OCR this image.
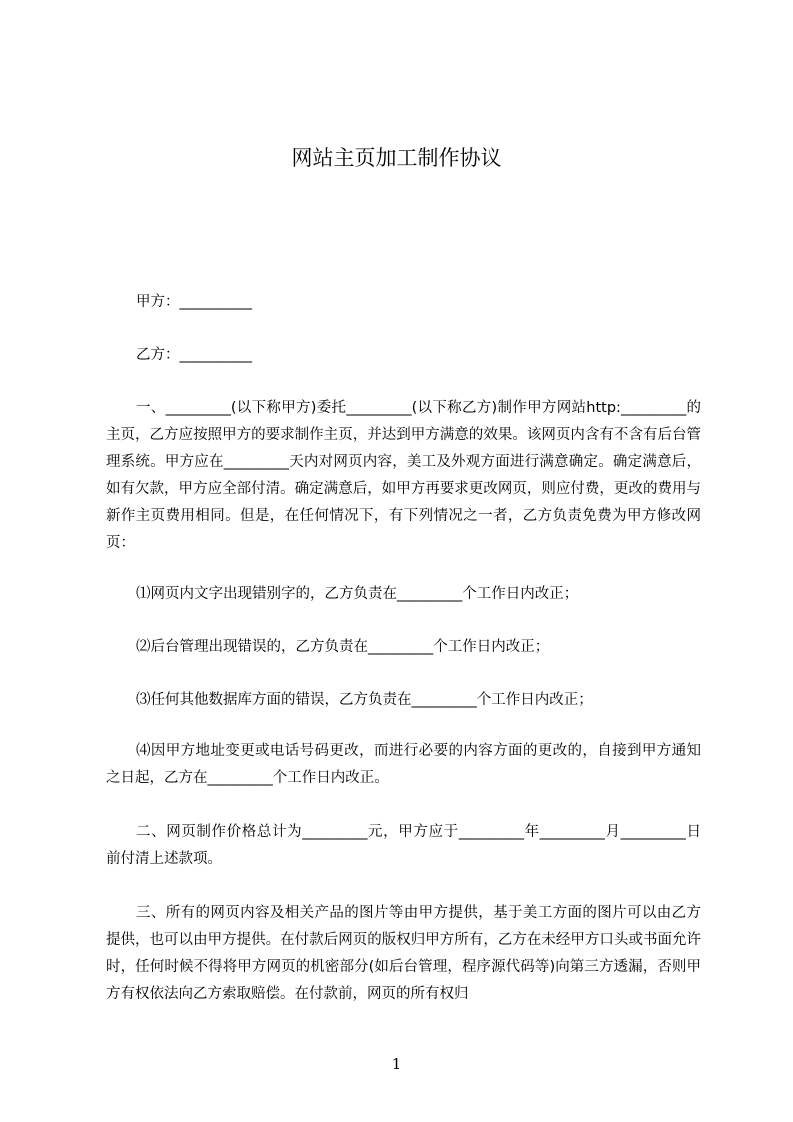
网站主页加工制作协议
甲方：__________
乙方：__________
一、_________(以下称甲方)委托_________(以下称乙方)制作甲方网站http:_________的主页，乙方应按照甲方的要求制作主页，并达到甲方满意的效果。该网页内含有不含有后台管理系统。甲方应在_________天内对网页内容，美工及外观方面进行满意确定。确定满意后，如有欠款，甲方应全部付清。确定满意后，如甲方再要求更改网页，则应付费，更改的费用与新作主页费用相同。但是，在任何情况下，有下列情况之一者，乙方负责免费为甲方修改网页：
⑴网页内文字出现错别字的，乙方负责在_________个工作日内改正；
⑵后台管理出现错误的，乙方负责在_________个工作日内改正；
⑶任何其他数据库方面的错误，乙方负责在_________个工作日内改正；
⑷因甲方地址变更或电话号码更改，而进行必要的内容方面的更改的，自接到甲方通知之日起，乙方在_________个工作日内改正。
二、网页制作价格总计为_________元，甲方应于_________年_________月_________日前付清上述款项。
三、所有的网页内容及相关产品的图片等由甲方提供，基于美工方面的图片可以由乙方提供，也可以由甲方提供。在付款后网页的版权归甲方所有，乙方在未经甲方口头或书面允许时，任何时候不得将甲方网页的机密部分(如后台管理，程序源代码等)向第三方透漏，否则甲方有权依法向乙方索取赔偿。在付款前，网页的所有权归
1
